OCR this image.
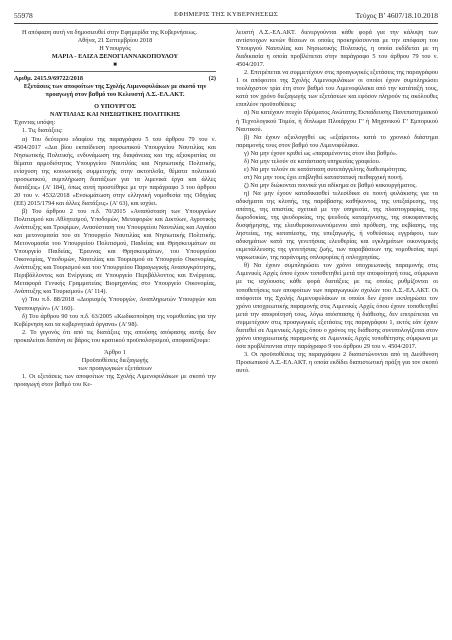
55978	ΕΦΗΜΕΡΙΣ ΤΗΣ ΚΥΒΕΡΝΗΣΕΩΣ	Τεύχος Β’ 4607/18.10.2018

Η απόφαση αυτή να δημοσιευθεί στην Εφημερίδα της Κυβερνήσεως.

Αθήνα, 21 Σεπτεμβρίου 2018

Η Υπουργός

ΜΑΡΙΑ - ΕΛΙΖΑ ΞΕΝΟΓΙΑΝΝΑΚΟΠΟΥΛΟΥ

■
Αριθμ. 2415.9/69722/2018	(2)

Εξετάσεις των αποφοίτων της Σχολής Λιμενοφυλάκων με σκοπό την προαγωγή στον βαθμό του Κελευστή Λ.Σ.-ΕΛ.ΑΚΤ.

Ο ΥΠΟΥΡΓΟΣ

ΝΑΥΤΙΛΙΑΣ ΚΑΙ ΝΗΣΙΩΤΙΚΗΣ ΠΟΛΙΤΙΚΗΣ

Έχοντας υπόψη:

1. Τις διατάξεις:

α) Του δεύτερου εδαφίου της παραγράφου 5 του άρθρου 79 του ν. 4504/2017 «Δια βίου εκπαίδευση προσωπικού Υπουργείου Ναυτιλίας και Νησιωτικής Πολιτικής, ενδυνάμωση της διαφάνειας και της αξιοκρατίας σε θέματα αρμοδιότητας Υπουργείου Ναυτιλίας και Νησιωτικής Πολιτικής, ενίσχυση της κοινωνικής συμμετοχής στην ακτοπλοΐα, θέματα πολιτικού προσωπικού, συμπλήρωση διατάξεων για τα λιμενικά έργα και άλλες διατάξεις» (Α’ 184), όπως αυτή προστέθηκε με την παράγραφο 3 του άρθρου 20 του ν. 4532/2018 «Ενσωμάτωση στην ελληνική νομοθεσία της Οδηγίας (ΕΕ) 2015/1794 και άλλες διατάξεις» (Α’ 63), και ισχύει.

β) Του άρθρου 2 του π.δ. 70/2015 «Ανασύσταση των Υπουργείων Πολιτισμού και Αθλητισμού, Υποδομών, Μεταφορών και Δικτύων, Αγροτικής Ανάπτυξης και Τροφίμων, Ανασύσταση του Υπουργείου Ναυτιλίας και Αιγαίου και μετονομασία του σε Υπουργείο Ναυτιλίας και Νησιωτικής Πολιτικής. Μετονομασία του Υπουργείου Πολιτισμού, Παιδείας και Θρησκευμάτων σε Υπουργείο Παιδείας, Έρευνας και Θρησκευμάτων, του Υπουργείου Οικονομίας, Υποδομών, Ναυτιλίας και Τουρισμού σε Υπουργείο Οικονομίας, Ανάπτυξης και Τουρισμού και του Υπουργείου Παραγωγικής Ανασυγκρότησης, Περιβάλλοντος και Ενέργειας σε Υπουργείο Περιβάλλοντος και Ενέργειας. Μεταφορά Γενικής Γραμματείας Βιομηχανίας στο Υπουργείο Οικονομίας, Ανάπτυξης και Τουρισμού» (Α’ 114).

γ) Του π.δ. 88/2018 «Διορισμός Υπουργών, Αναπληρωτών Υπουργών και Υφυπουργών» (Α’ 160).

δ) Του άρθρου 90 του π.δ. 63/2005 «Κωδικοποίηση της νομοθεσίας για την Κυβέρνηση και τα κυβερνητικά όργανα» (Α’ 98).

2. Το γεγονός ότι από τις διατάξεις της απούσης απόφασης αυτής δεν προκαλείται δαπάνη σε βάρος του κρατικού προϋπολογισμού, αποφασίζουμε:

Άρθρο 1

Προϋποθέσεις διεξαγωγής

των προαγωγικών εξετάσεων

1. Οι εξετάσεις των αποφοίτων της Σχολής Λιμενοφυλάκων με σκοπό την προαγωγή στον βαθμό του Κε-

λευστή Λ.Σ.-ΕΛ.ΑΚΤ. διενεργούνται κάθε φορά για την κάλυψη των αντίστοιχων κενών θέσεων οι οποίες προκηρύσσονται με την απόφαση του Υπουργού Ναυτιλίας και Νησιωτικής Πολιτικής, η οποία εκδίδεται με τη διαδικασία η οποία προβλέπεται στην παράγραφο 5 του άρθρου 79 του ν. 4504/2017.

2. Επιτρέπεται να συμμετέχουν στις προαγωγικές εξετάσεις της παραγράφου 1 οι απόφοιτοι της Σχολής Λιμενοφυλάκων οι οποίοι έχουν συμπληρώσει τουλάχιστον τρία έτη στον βαθμό του Λιμενοφύλακα από την κατάταξή τους, κατά τον χρόνο διεξαγωγής των εξετάσεων και εφόσον πληρούν τις ακόλουθες επιπλέον προϋποθέσεις:

α) Να κατέχουν πτυχίο Ιδρύματος Ανώτατης Εκπαίδευσης Πανεπιστημιακού ή Τεχνολογικού Τομέα, ή δίπλωμα Πλοιάρχου Γ’ ή Μηχανικού Γ’ Εμπορικού Ναυτικού.

β) Να έχουν αξιολογηθεί ως «εξαίρετοι» κατά το χρονικό διάστημα παραμονής τους στον βαθμό του Λιμενοφύλακα.

γ) Να μην έχουν κριθεί ως «παραμένοντες στον ίδιο βαθμό».

δ) Να μην τελούν σε κατάσταση υπηρεσίας γραφείου.

ε) Να μην τελούν σε κατάσταση αυτεπάγγελτης διαθεσιμότητας.

στ) Να μην τους έχει επιβληθεί καταστατική πειθαρχική ποινή.

ζ) Να μην διώκονται ποινικά για αδίκημα σε βαθμό κακουργήματος.

η) Να μην έχουν καταδικασθεί τελεσίδικα σε ποινή φυλάκισης για τα αδικήματα της κλοπής, της παράβασης καθήκοντος, της υπεξαίρεσης, της απάτης, της απιστίας σχετικά με την υπηρεσία, της πλαστογραφίας, της δωροδοκίας, της ψευδορκίας, της ψευδούς καταμήνυσης, της συκοφαντικής δυσφήμησης, της ελευθεροκοινωνούμενου από πρόθεση, της εκβίασης, της ληστείας, της καταπίεσης, της υπεξαγωγής, ή νοθεύσεως εγγράφου, των αδικημάτων κατά της γενετήσιας ελευθερίας και εγκλημάτων οικονομικής εκμετάλλευσης της γενετήσιας ζωής, των παραβάσεων της νομοθεσίας περί ναρκωτικών, της παράνομης οπλοφορίας ή οπλοχρησίας.

θ) Να έχουν συμπληρώσει τον χρόνο υποχρεωτικής παραμονής στις Λιμενικές Αρχές όπου έχουν τοποθετηθεί μετά την αποφοίτησή τους, σύμφωνα με τις ισχύουσες κάθε φορά διατάξεις με τις οποίες ρυθμίζονται οι τοποθετήσεις των αποφοίτων των παραγωγικών σχολών του Λ.Σ.-ΕΛ.ΑΚΤ. Οι απόφοιτοι της Σχολής Λιμενοφυλάκων οι οποίοι δεν έχουν εκπληρώσει τον χρόνο υποχρεωτικής παραμονής στις Λιμενικές Αρχές όπου έχουν τοποθετηθεί μετά την αποφοίτησή τους, λόγω απόσπασης ή διάθεσης, δεν επιτρέπεται να συμμετέχουν στις προαγωγικές εξετάσεις της παραγράφου 1, εκτός εάν έχουν διατεθεί σε Λιμενικές Αρχές όπου ο χρόνος της διάθεσης συνυπολογίζεται στον χρόνο υποχρεωτικής παραμονής σε Λιμενικές Αρχές τοποθέτησης σύμφωνα με όσα προβλέπονται στην παράγραφο 9 του άρθρου 29 του ν. 4504/2017.

3. Οι προϋποθέσεις της παραγράφου 2 διαπιστώνονται από τη Διεύθυνση Προσωπικού Λ.Σ.-ΕΛ.ΑΚΤ. η οποία εκδίδει διαπιστωτική πράξη για τον σκοπό αυτό.
